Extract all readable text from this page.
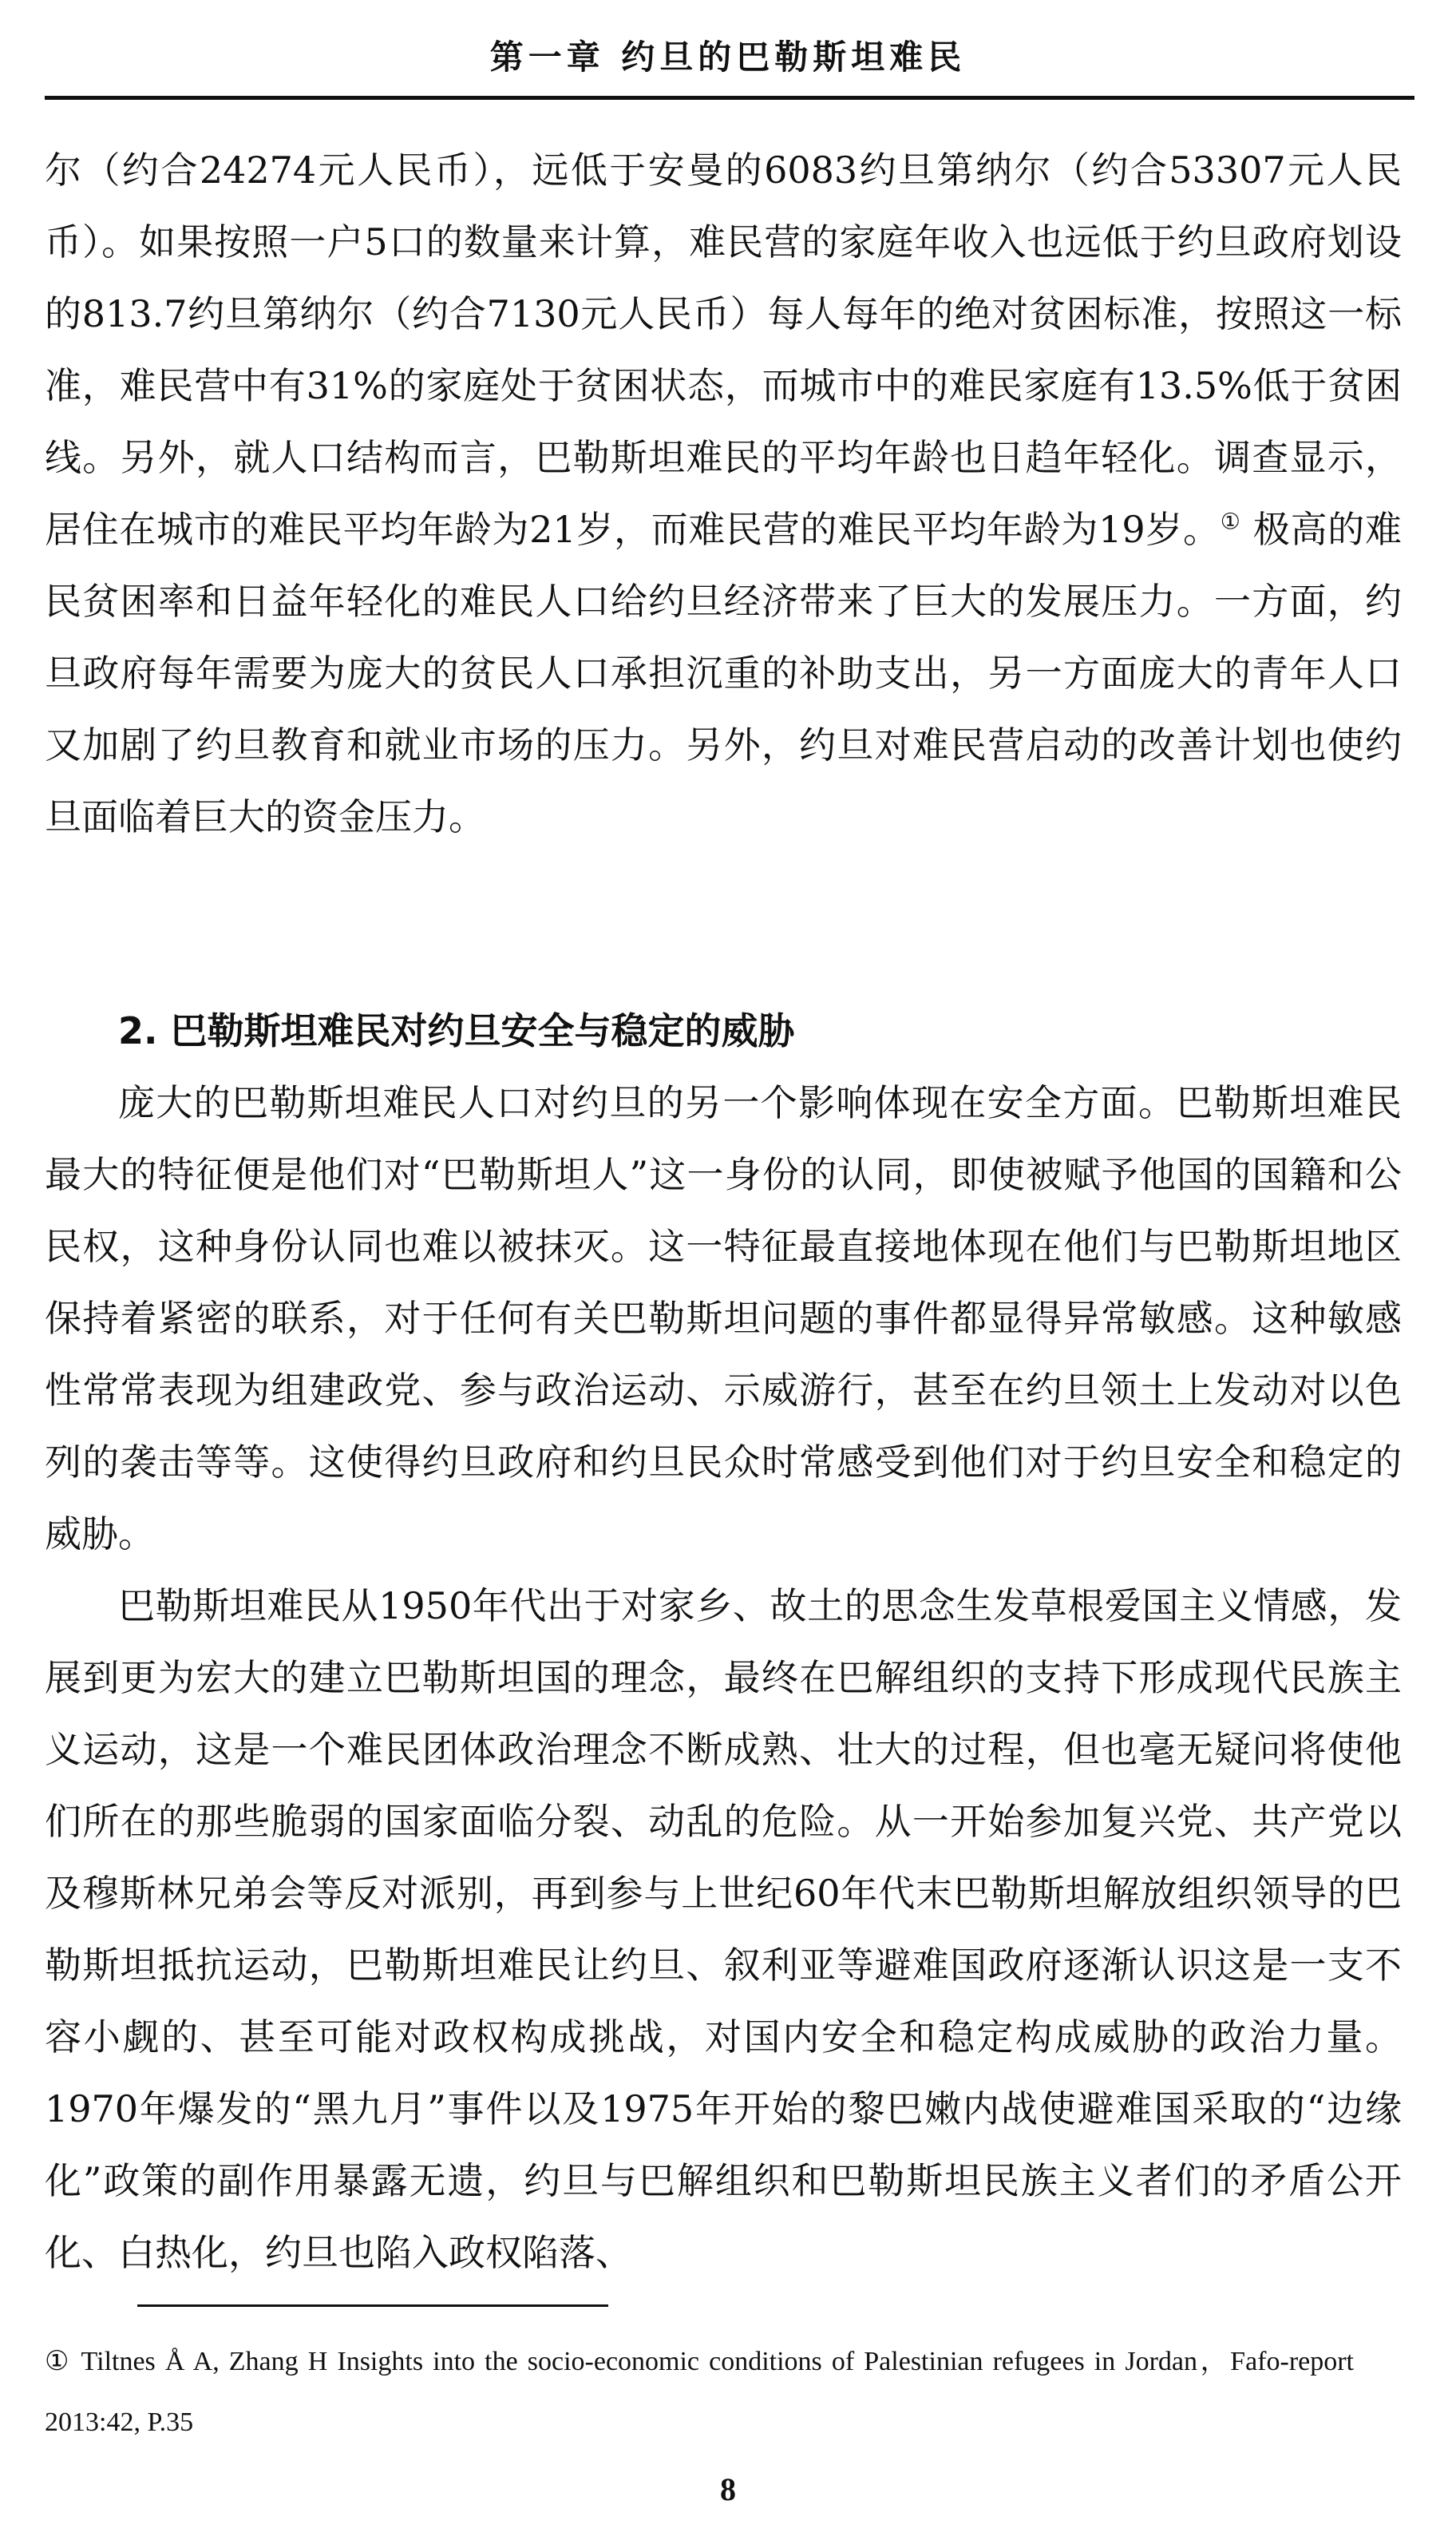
第一章 约旦的巴勒斯坦难民

尔（约合24274元人民币），远低于安曼的6083约旦第纳尔（约合53307元人民币）。如果按照一户5口的数量来计算，难民营的家庭年收入也远低于约旦政府划设的813.7约旦第纳尔（约合7130元人民币）每人每年的绝对贫困标准，按照这一标准，难民营中有31%的家庭处于贫困状态，而城市中的难民家庭有13.5%低于贫困线。另外，就人口结构而言，巴勒斯坦难民的平均年龄也日趋年轻化。调查显示，居住在城市的难民平均年龄为21岁，而难民营的难民平均年龄为19岁。① 极高的难民贫困率和日益年轻化的难民人口给约旦经济带来了巨大的发展压力。一方面，约旦政府每年需要为庞大的贫民人口承担沉重的补助支出，另一方面庞大的青年人口又加剧了约旦教育和就业市场的压力。另外，约旦对难民营启动的改善计划也使约旦面临着巨大的资金压力。

2. 巴勒斯坦难民对约旦安全与稳定的威胁

庞大的巴勒斯坦难民人口对约旦的另一个影响体现在安全方面。巴勒斯坦难民最大的特征便是他们对“巴勒斯坦人”这一身份的认同，即使被赋予他国的国籍和公民权，这种身份认同也难以被抹灭。这一特征最直接地体现在他们与巴勒斯坦地区保持着紧密的联系，对于任何有关巴勒斯坦问题的事件都显得异常敏感。这种敏感性常常表现为组建政党、参与政治运动、示威游行，甚至在约旦领土上发动对以色列的袭击等等。这使得约旦政府和约旦民众时常感受到他们对于约旦安全和稳定的威胁。

巴勒斯坦难民从1950年代出于对家乡、故土的思念生发草根爱国主义情感，发展到更为宏大的建立巴勒斯坦国的理念，最终在巴解组织的支持下形成现代民族主义运动，这是一个难民团体政治理念不断成熟、壮大的过程，但也毫无疑问将使他们所在的那些脆弱的国家面临分裂、动乱的危险。从一开始参加复兴党、共产党以及穆斯林兄弟会等反对派别，再到参与上世纪60年代末巴勒斯坦解放组织领导的巴勒斯坦抵抗运动，巴勒斯坦难民让约旦、叙利亚等避难国政府逐渐认识这是一支不容小觑的、甚至可能对政权构成挑战，对国内安全和稳定构成威胁的政治力量。1970年爆发的“黑九月”事件以及1975年开始的黎巴嫩内战使避难国采取的“边缘化”政策的副作用暴露无遗，约旦与巴解组织和巴勒斯坦民族主义者们的矛盾公开化、白热化，约旦也陷入政权陷落、

① Tiltnes Å A, Zhang H Insights into the socio-economic conditions of Palestinian refugees in Jordan，Fafo-report 2013:42, P.35

8
